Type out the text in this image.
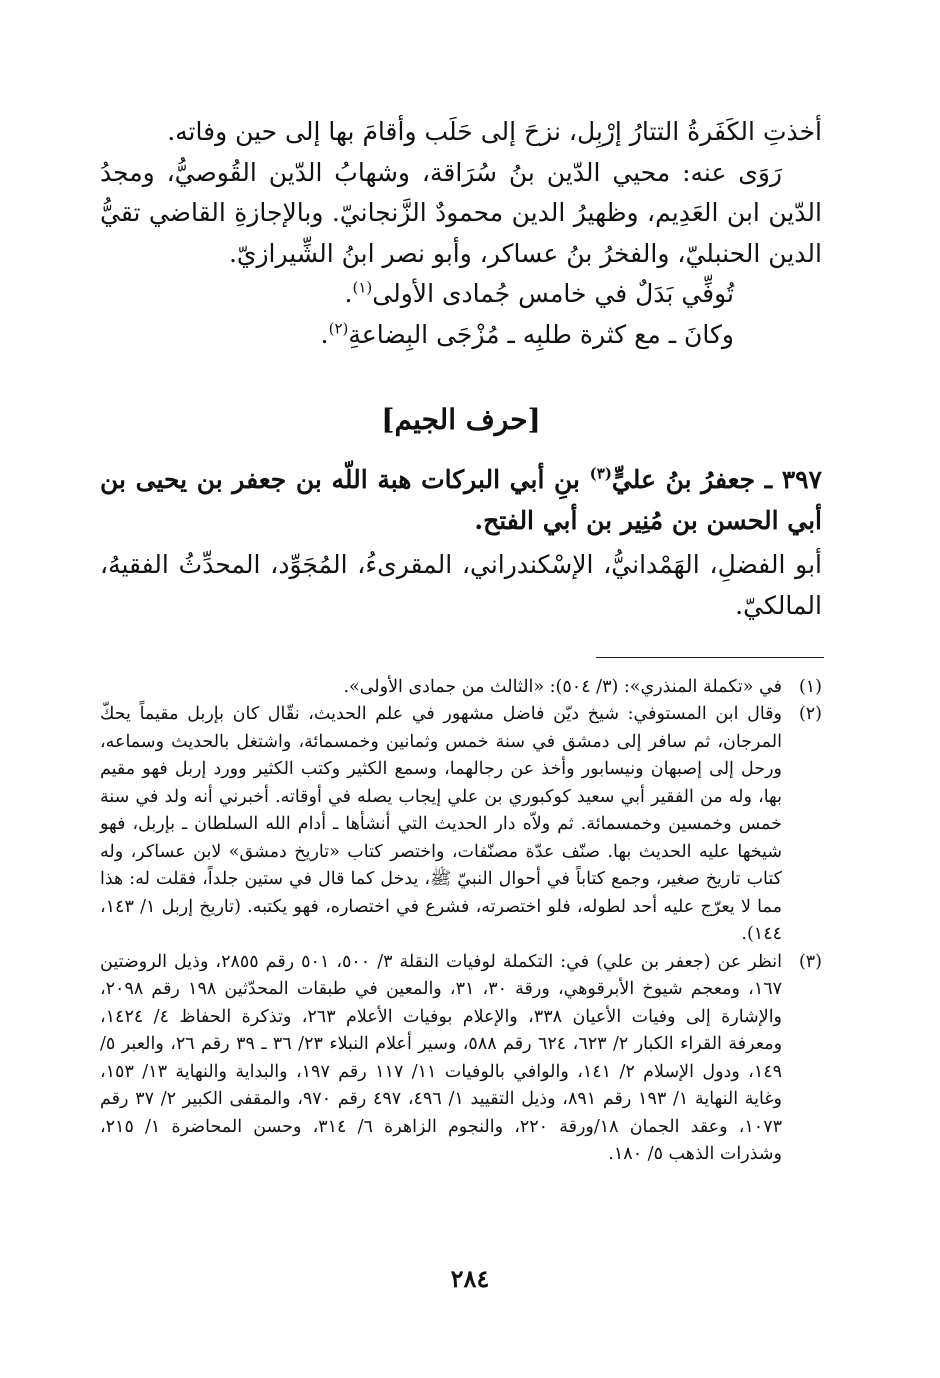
أخذتِ الكَفَرةُ التتارُ إرْبِل، نزحَ إلى حَلَب وأقامَ بها إلى حين وفاته.

رَوَى عنه: محيي الدّين بنُ سُرَاقة، وشهابُ الدّين القُوصيُّ، ومجدُ الدّين ابن العَدِيم، وظهيرُ الدين محمودٌ الزَّنجانيّ. وبالإجازةِ القاضي تقيُّ الدين الحنبليّ، والفخرُ بنُ عساكر، وأبو نصر ابنُ الشِّيرازيّ.

تُوفِّي بَدَلٌ في خامس جُمادى الأولى$^{(١)}$.

وكانَ ـ مع كثرة طلبِه ـ مُزْجَى البِضاعةِ$^{(٢)}$.

[حرف الجيم]

٣٩٧ ـ جعفرُ بنُ عليٍّ$^{(٣)}$ بنِ أبي البركات هبة اللّه بن جعفر بن يحيى بن أبي الحسن بن مُنِير بن أبي الفتح.

أبو الفضلِ، الهَمْدانيُّ، الإسْكندراني، المقرىءُ، المُجَوِّد، المحدِّثُ الفقيهُ، المالكيّ.

(١)
في «تكملة المنذري»: (٣/ ٥٠٤): «الثالث من جمادى الأولى».
(٢)
وقال ابن المستوفي: شيخ ديّن فاضل مشهور في علم الحديث، نقّال كان بإربل مقيماً يحكّ المرجان، ثم سافر إلى دمشق في سنة خمس وثمانين وخمسمائة، واشتغل بالحديث وسماعه، ورحل إلى إصبهان ونيسابور وأخذ عن رجالهما، وسمع الكثير وكتب الكثير وورد إربل فهو مقيم بها، وله من الفقير أبي سعيد كوكبوري بن علي إيجاب يصله في أوقاته. أخبرني أنه ولد في سنة خمس وخمسين وخمسمائة. ثم ولاّه دار الحديث التي أنشأها ـ أدام الله السلطان ـ بإربل، فهو شيخها عليه الحديث بها. صنّف عدّة مصنّفات، واختصر كتاب «تاريخ دمشق» لابن عساكر، وله كتاب تاريخ صغير، وجمع كتاباً في أحوال النبيّ ﷺ، يدخل كما قال في ستين جلداً، فقلت له: هذا مما لا يعرّج عليه أحد لطوله، فلو اختصرته، فشرع في اختصاره، فهو يكتبه. (تاريخ إربل ١/ ١٤٣، ١٤٤).
(٣)
انظر عن (جعفر بن علي) في: التكملة لوفيات النقلة ٣/ ٥٠٠، ٥٠١ رقم ٢٨٥٥، وذيل الروضتين ١٦٧، ومعجم شيوخ الأبرقوهي، ورقة ٣٠، ٣١، والمعين في طبقات المحدّثين ١٩٨ رقم ٢٠٩٨، والإشارة إلى وفيات الأعيان ٣٣٨، والإعلام بوفيات الأعلام ٢٦٣، وتذكرة الحفاظ ٤/ ١٤٢٤، ومعرفة القراء الكبار ٢/ ٦٢٣، ٦٢٤ رقم ٥٨٨، وسير أعلام النبلاء ٢٣/ ٣٦ ـ ٣٩ رقم ٢٦، والعبر ٥/ ١٤٩، ودول الإسلام ٢/ ١٤١، والوافي بالوفيات ١١/ ١١٧ رقم ١٩٧، والبداية والنهاية ١٣/ ١٥٣، وغاية النهاية ١/ ١٩٣ رقم ٨٩١، وذيل التقييد ١/ ٤٩٦، ٤٩٧ رقم ٩٧٠، والمقفى الكبير ٢/ ٣٧ رقم ١٠٧٣، وعقد الجمان ١٨/ورقة ٢٢٠، والنجوم الزاهرة ٦/ ٣١٤، وحسن المحاضرة ١/ ٢١٥، وشذرات الذهب ٥/ ١٨٠.
٢٨٤
